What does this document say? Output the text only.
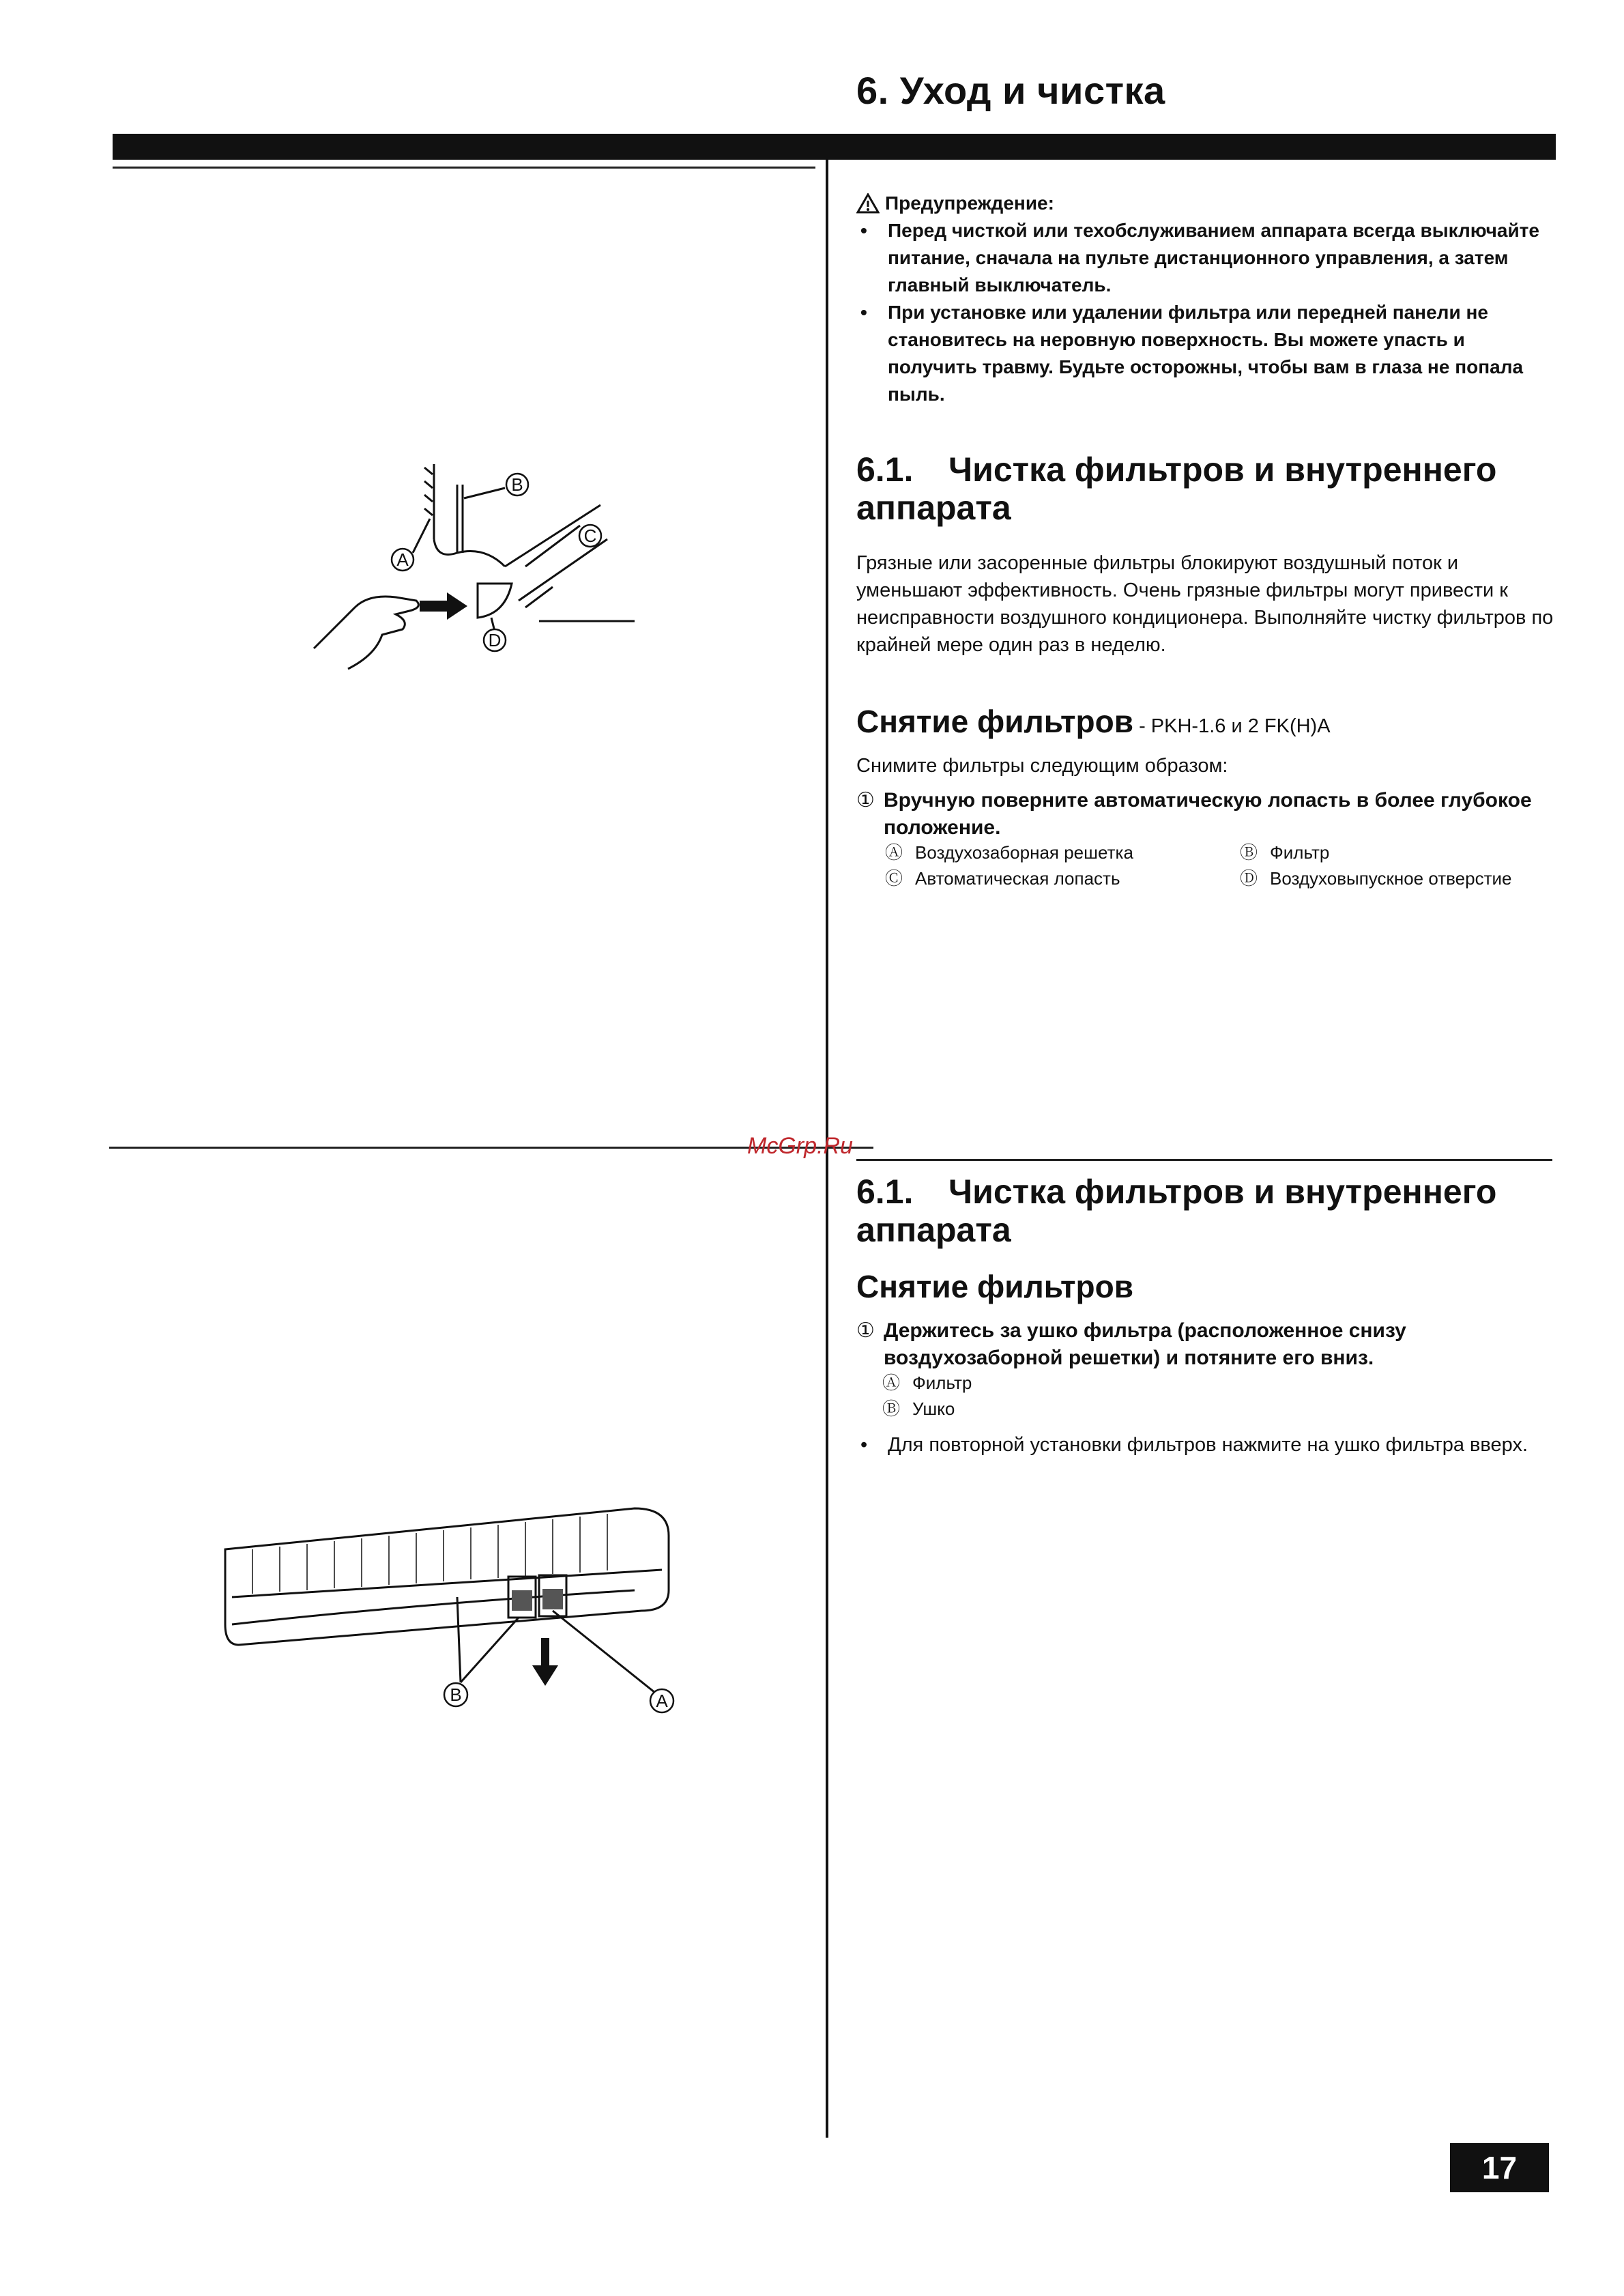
6. Уход и чистка
Предупреждение:
• Перед чисткой или техобслуживанием аппарата всегда выключайте питание, сначала на пульте дистанционного управления, а затем главный выключатель.
• При установке или удалении фильтра или передней панели не становитесь на неровную поверхность. Вы можете упасть и получить травму. Будьте осторожны, чтобы вам в глаза не попала пыль.
6.1. Чистка фильтров и внутреннего аппарата
Грязные или засоренные фильтры блокируют воздушный поток и уменьшают эффективность. Очень грязные фильтры могут привести к неисправности воздушного кондиционера. Выполняйте чистку фильтров по крайней мере один раз в неделю.
Снятие фильтров - PKH-1.6 и 2 FK(H)A
Снимите фильтры следующим образом:
① Вручную поверните автоматическую лопасть в более глубокое положение.
Ⓐ Воздухозаборная решетка	Ⓑ Фильтр
Ⓒ Автоматическая лопасть	Ⓓ Воздуховыпускное отверстие
McGrp.Ru
6.1. Чистка фильтров и внутреннего аппарата
Снятие фильтров
① Держитесь за ушко фильтра (расположенное снизу воздухозаборной решетки) и потяните его вниз.
Ⓐ Фильтр
Ⓑ Ушко
• Для повторной установки фильтров нажмите на ушко фильтра вверх.
A
B
C
D
B	A
17
